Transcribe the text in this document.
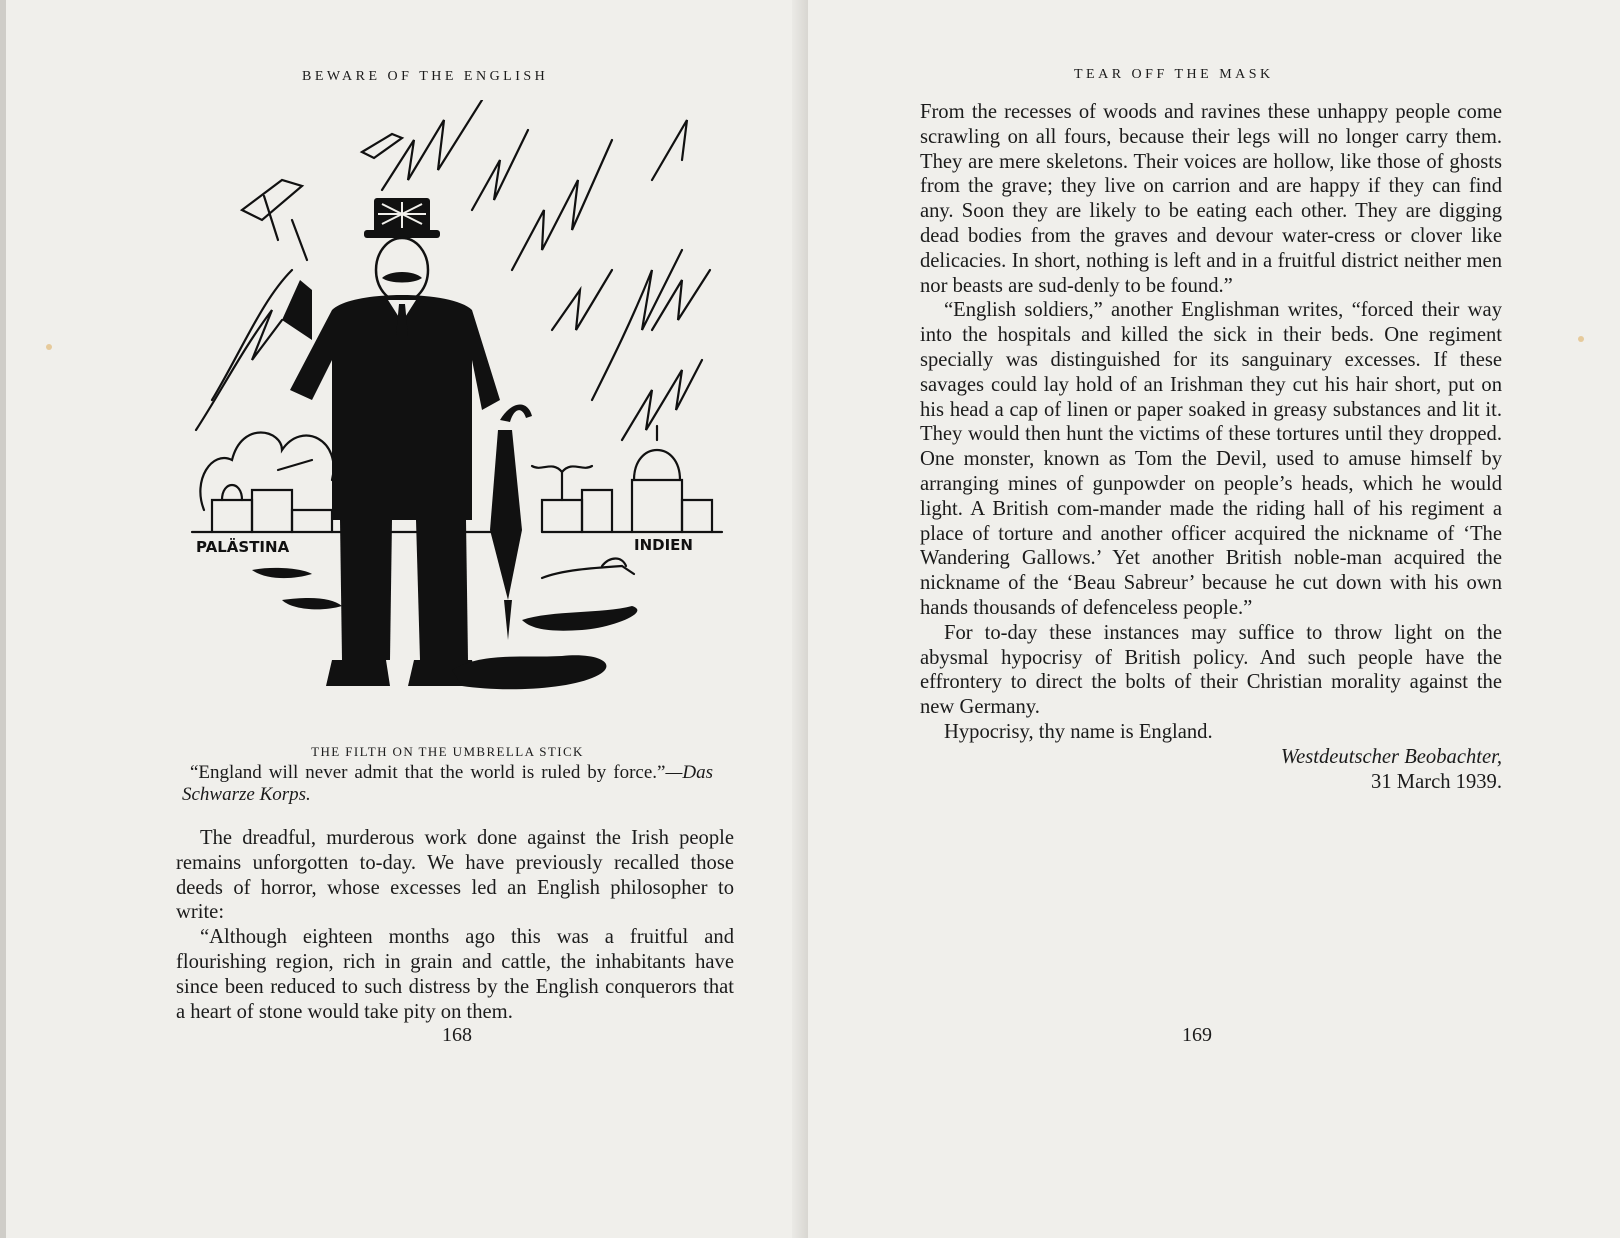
BEWARE OF THE ENGLISH
PALÄSTINA	INDIEN
THE FILTH ON THE UMBRELLA STICK
“England will never admit that the world is ruled by force.”—Das Schwarze Korps.

The dreadful, murderous work done against the Irish people remains unforgotten to-day. We have previously recalled those deeds of horror, whose excesses led an English philosopher to write:

“Although eighteen months ago this was a fruitful and flourishing region, rich in grain and cattle, the inhabitants have since been reduced to such distress by the English conquerors that a heart of stone would take pity on them.

168
TEAR OFF THE MASK

From the recesses of woods and ravines these unhappy people come scrawling on all fours, because their legs will no longer carry them. They are mere skeletons. Their voices are hollow, like those of ghosts from the grave; they live on carrion and are happy if they can find any. Soon they are likely to be eating each other. They are digging dead bodies from the graves and devour water-cress or clover like delicacies. In short, nothing is left and in a fruitful district neither men nor beasts are sud-denly to be found.”

“English soldiers,” another Englishman writes, “forced their way into the hospitals and killed the sick in their beds. One regiment specially was distinguished for its sanguinary excesses. If these savages could lay hold of an Irishman they cut his hair short, put on his head a cap of linen or paper soaked in greasy substances and lit it. They would then hunt the victims of these tortures until they dropped. One monster, known as Tom the Devil, used to amuse himself by arranging mines of gunpowder on people’s heads, which he would light. A British com-mander made the riding hall of his regiment a place of torture and another officer acquired the nickname of ‘The Wandering Gallows.’ Yet another British noble-man acquired the nickname of the ‘Beau Sabreur’ because he cut down with his own hands thousands of defenceless people.”

For to-day these instances may suffice to throw light on the abysmal hypocrisy of British policy. And such people have the effrontery to direct the bolts of their Christian morality against the new Germany.

Hypocrisy, thy name is England.

Westdeutscher Beobachter,
31 March 1939.
169
